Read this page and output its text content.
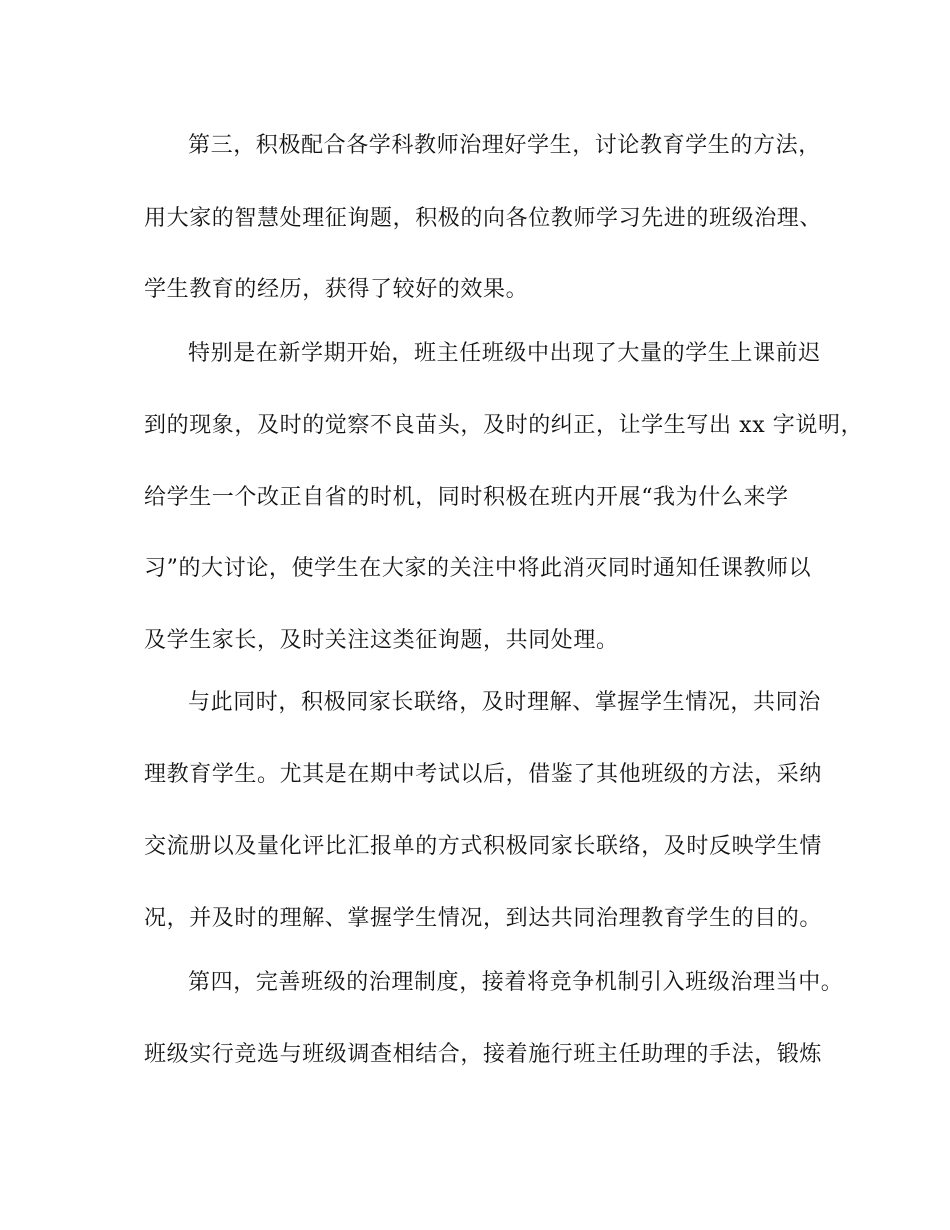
第三，积极配合各学科教师治理好学生，讨论教育学生的方法，
用大家的智慧处理征询题，积极的向各位教师学习先进的班级治理、
学生教育的经历，获得了较好的效果。
特别是在新学期开始，班主任班级中出现了大量的学生上课前迟
到的现象，及时的觉察不良苗头，及时的纠正，让学生写出 xx 字说明，
给学生一个改正自省的时机，同时积极在班内开展“我为什么来学
习”的大讨论，使学生在大家的关注中将此消灭同时通知任课教师以
及学生家长，及时关注这类征询题，共同处理。
与此同时，积极同家长联络，及时理解、掌握学生情况，共同治
理教育学生。尤其是在期中考试以后，借鉴了其他班级的方法，采纳
交流册以及量化评比汇报单的方式积极同家长联络，及时反映学生情
况，并及时的理解、掌握学生情况，到达共同治理教育学生的目的。
第四，完善班级的治理制度，接着将竞争机制引入班级治理当中。
班级实行竞选与班级调查相结合，接着施行班主任助理的手法，锻炼
